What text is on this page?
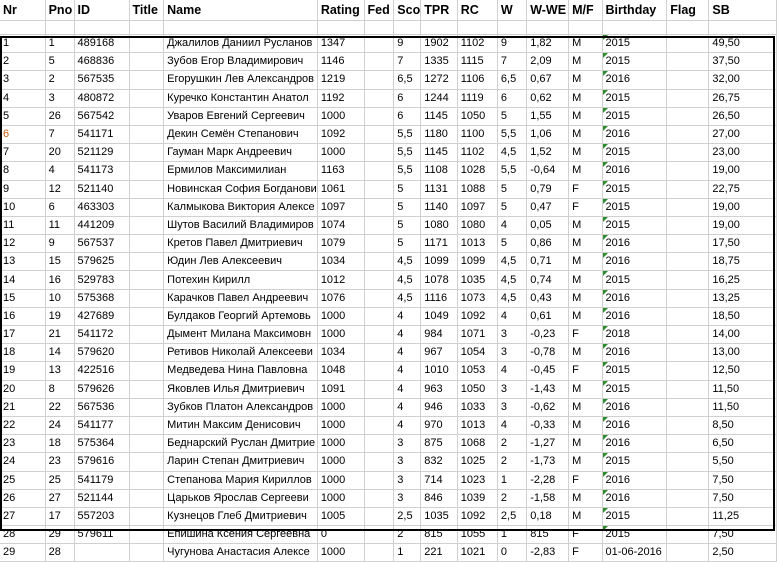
Nr	Pno	ID	Title	Name	Rating	Fed	Sco	TPR	RC	W	W-WE	M/F	Birthday	Flag	SB

1	1	489168		Джалилов Даниил Русланов	1347		9	1902	1102	9	1,82	M	2015		49,50
2	5	468836		Зубов Егор Владимирович	1146		7	1335	1115	7	2,09	M	2015		37,50
3	2	567535		Егорушкин Лев Александров	1219		6,5	1272	1106	6,5	0,67	M	2016		32,00
4	3	480872		Куречко Константин Анатол	1192		6	1244	1119	6	0,62	M	2015		26,75
5	26	567542		Уваров Евгений Сергеевич	1000		6	1145	1050	5	1,55	M	2015		26,50
6	7	541171		Декин Семён Степанович	1092		5,5	1180	1100	5,5	1,06	M	2016		27,00
7	20	521129		Гауман Марк Андреевич	1000		5,5	1145	1102	4,5	1,52	M	2015		23,00
8	4	541173		Ермилов Максимилиан	1163		5,5	1108	1028	5,5	-0,64	M	2016		19,00
9	12	521140		Новинская София Богданови	1061		5	1131	1088	5	0,79	F	2015		22,75
10	6	463303		Калмыкова Виктория Алексе	1097		5	1140	1097	5	0,47	F	2015		19,00
11	11	441209		Шутов Василий Владимиров	1074		5	1080	1080	4	0,05	M	2015		19,00
12	9	567537		Кретов Павел Дмитриевич	1079		5	1171	1013	5	0,86	M	2016		17,50
13	15	579625		Юдин Лев Алексеевич	1034		4,5	1099	1099	4,5	0,71	M	2016		18,75
14	16	529783		Потехин Кирилл	1012		4,5	1078	1035	4,5	0,74	M	2015		16,25
15	10	575368		Карачков Павел Андреевич	1076		4,5	1116	1073	4,5	0,43	M	2016		13,25
16	19	427689		Булдаков Георгий Артемовь	1000		4	1049	1092	4	0,61	M	2016		18,50
17	21	541172		Дымент Милана Максимовн	1000		4	984	1071	3	-0,23	F	2018		14,00
18	14	579620		Ретивов Николай Алексееви	1034		4	967	1054	3	-0,78	M	2016		13,00
19	13	422516		Медведева Нина Павловна	1048		4	1010	1053	4	-0,45	F	2015		12,50
20	8	579626		Яковлев Илья Дмитриевич	1091		4	963	1050	3	-1,43	M	2015		11,50
21	22	567536		Зубков Платон Александров	1000		4	946	1033	3	-0,62	M	2016		11,50
22	24	541177		Митин Максим Денисович	1000		4	970	1013	4	-0,33	M	2016		8,50
23	18	575364		Беднарский Руслан Дмитрие	1000		3	875	1068	2	-1,27	M	2016		6,50
24	23	579616		Ларин Степан Дмитриевич	1000		3	832	1025	2	-1,73	M	2015		5,50
25	25	541179		Степанова Мария Кириллов	1000		3	714	1023	1	-2,28	F	2016		7,50
26	27	521144		Царьков Ярослав Сергееви	1000		3	846	1039	2	-1,58	M	2016		7,50
27	17	557203		Кузнецов Глеб Дмитриевич	1005		2,5	1035	1092	2,5	0,18	M	2015		11,25
28	29	579611		Епишина Ксения Сергеевна	0		2	815	1055	1	815	F	2015		7,50
29	28			Чугунова Анастасия Алексе	1000		1	221	1021	0	-2,83	F	01-06-2016		2,50
